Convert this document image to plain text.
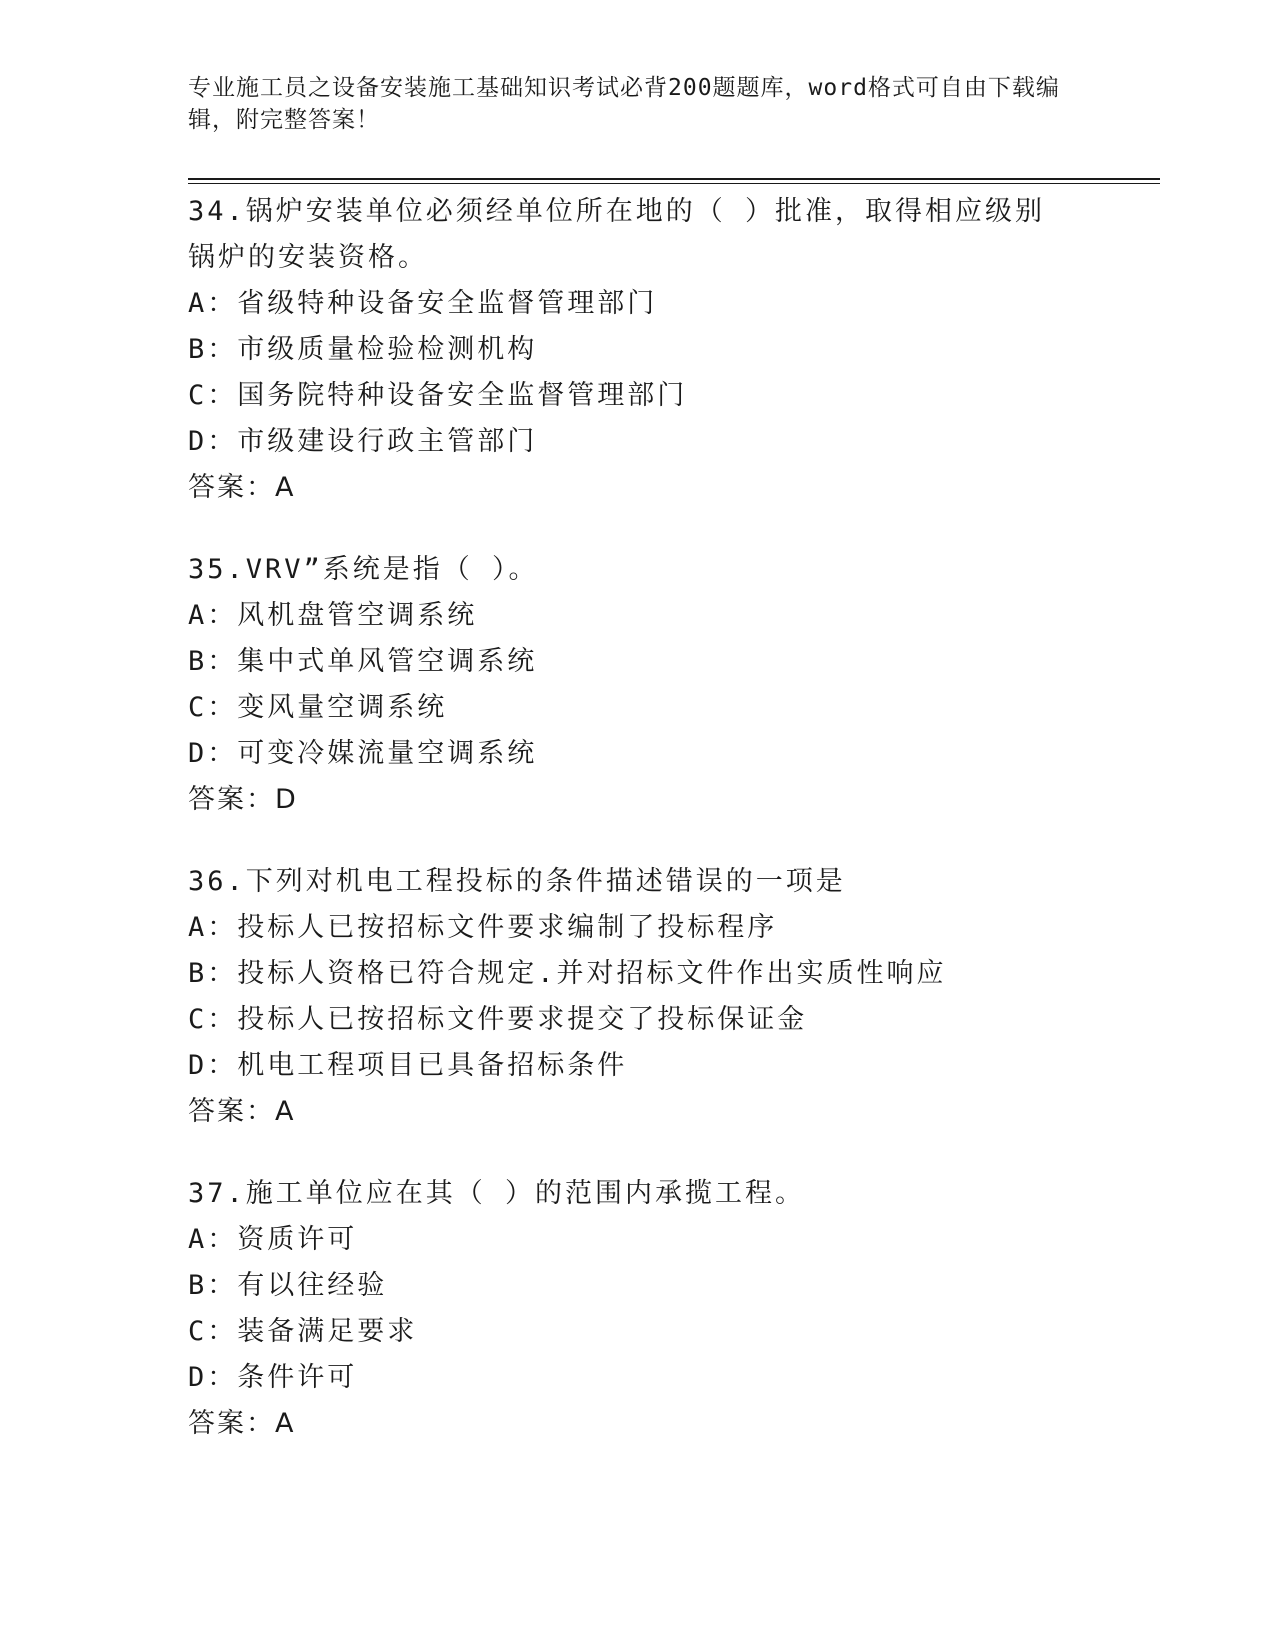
专业施工员之设备安装施工基础知识考试必背200题题库，word格式可自由下载编辑，附完整答案！
34.锅炉安装单位必须经单位所在地的（ ）批准，取得相应级别锅炉的安装资格。
A：省级特种设备安全监督管理部门
B：市级质量检验检测机构
C：国务院特种设备安全监督管理部门
D：市级建设行政主管部门
答案：A
35.VRV”系统是指（ ）。
A：风机盘管空调系统
B：集中式单风管空调系统
C：变风量空调系统
D：可变冷媒流量空调系统
答案：D
36.下列对机电工程投标的条件描述错误的一项是
A：投标人已按招标文件要求编制了投标程序
B：投标人资格已符合规定.并对招标文件作出实质性响应
C：投标人已按招标文件要求提交了投标保证金
D：机电工程项目已具备招标条件
答案：A
37.施工单位应在其（ ）的范围内承揽工程。
A：资质许可
B：有以往经验
C：装备满足要求
D：条件许可
答案：A
